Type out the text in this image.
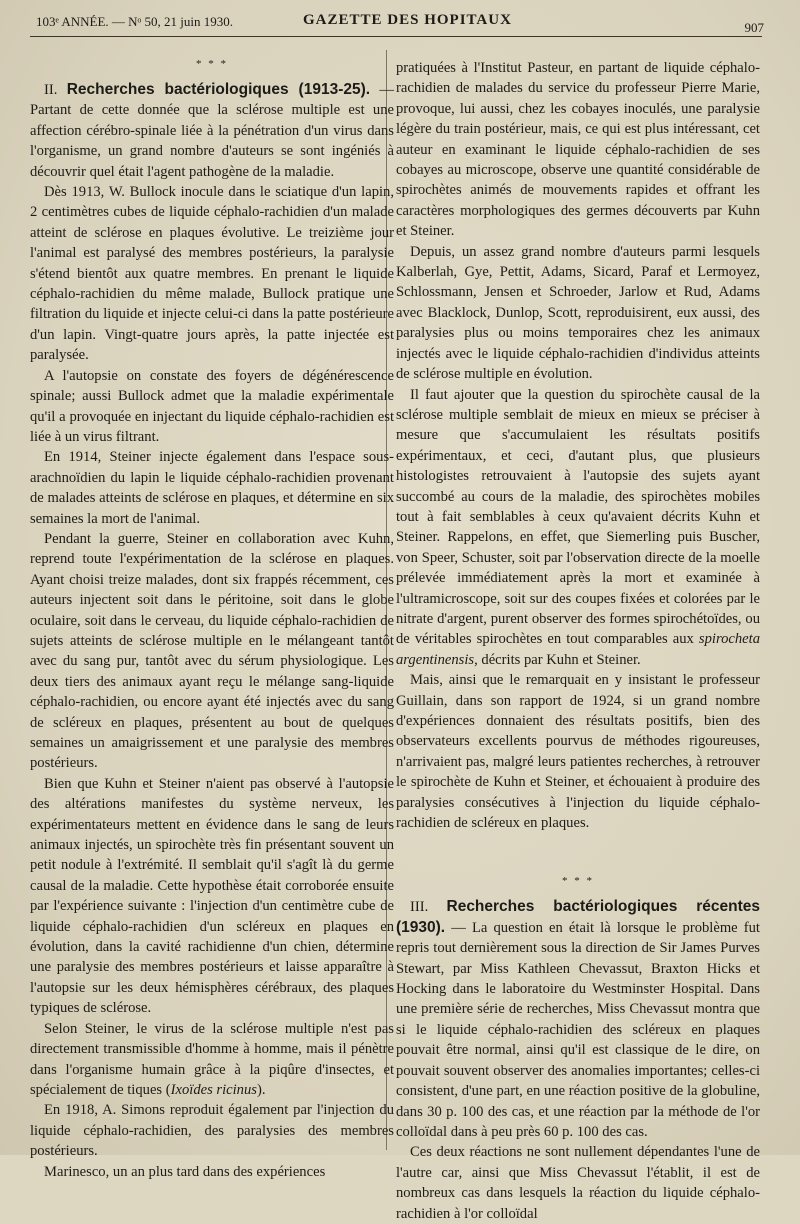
103ᵉ ANNÉE. — Nᵒ 50, 21 juin 1930.	GAZETTE DES HOPITAUX	907
* * *

II. Recherches bactériologiques (1913-25). — Partant de cette donnée que la sclérose multiple est une affection cérébro-spinale liée à la pénétration d'un virus dans l'organisme, un grand nombre d'auteurs se sont ingéniés à découvrir quel était l'agent pathogène de la maladie.

Dès 1913, W. Bullock inocule dans le sciatique d'un lapin, 2 centimètres cubes de liquide céphalo-rachidien d'un malade atteint de sclérose en plaques évolutive. Le treizième jour l'animal est paralysé des membres postérieurs, la paralysie s'étend bientôt aux quatre membres. En prenant le liquide céphalo-rachidien du même malade, Bullock pratique une filtration du liquide et injecte celui-ci dans la patte postérieure d'un lapin. Vingt-quatre jours après, la patte injectée est paralysée.

A l'autopsie on constate des foyers de dégénérescence spinale; aussi Bullock admet que la maladie expérimentale qu'il a provoquée en injectant du liquide céphalo-rachidien est liée à un virus filtrant.

En 1914, Steiner injecte également dans l'espace sous-arachnoïdien du lapin le liquide céphalo-rachidien provenant de malades atteints de sclérose en plaques, et détermine en six semaines la mort de l'animal.

Pendant la guerre, Steiner en collaboration avec Kuhn, reprend toute l'expérimentation de la sclérose en plaques. Ayant choisi treize malades, dont six frappés récemment, ces auteurs injectent soit dans le péritoine, soit dans le globe oculaire, soit dans le cerveau, du liquide céphalo-rachidien de sujets atteints de sclérose multiple en le mélangeant tantôt avec du sang pur, tantôt avec du sérum physiologique. Les deux tiers des animaux ayant reçu le mélange sang-liquide céphalo-rachidien, ou encore ayant été injectés avec du sang de scléreux en plaques, présentent au bout de quelques semaines un amaigrissement et une paralysie des membres postérieurs.

Bien que Kuhn et Steiner n'aient pas observé à l'autopsie des altérations manifestes du système nerveux, les expérimentateurs mettent en évidence dans le sang de leurs animaux injectés, un spirochète très fin présentant souvent un petit nodule à l'extrémité. Il semblait qu'il s'agît là du germe causal de la maladie. Cette hypothèse était corroborée ensuite par l'expérience suivante : l'injection d'un centimètre cube de liquide céphalo-rachidien d'un scléreux en plaques en évolution, dans la cavité rachidienne d'un chien, détermine une paralysie des membres postérieurs et laisse apparaître à l'autopsie sur les deux hémisphères cérébraux, des plaques typiques de sclérose.

Selon Steiner, le virus de la sclérose multiple n'est pas directement transmissible d'homme à homme, mais il pénètre dans l'organisme humain grâce à la piqûre d'insectes, et spécialement de tiques (Ixoïdes ricinus).

En 1918, A. Simons reproduit également par l'injection du liquide céphalo-rachidien, des paralysies des membres postérieurs.

Marinesco, un an plus tard dans des expériences

pratiquées à l'Institut Pasteur, en partant de liquide céphalo-rachidien de malades du service du professeur Pierre Marie, provoque, lui aussi, chez les cobayes inoculés, une paralysie légère du train postérieur, mais, ce qui est plus intéressant, cet auteur en examinant le liquide céphalo-rachidien de ses cobayes au microscope, observe une quantité considérable de spirochètes animés de mouvements rapides et offrant les caractères morphologiques des germes découverts par Kuhn et Steiner.

Depuis, un assez grand nombre d'auteurs parmi lesquels Kalberlah, Gye, Pettit, Adams, Sicard, Paraf et Lermoyez, Schlossmann, Jensen et Schroeder, Jarlow et Rud, Adams avec Blacklock, Dunlop, Scott, reproduisirent, eux aussi, des paralysies plus ou moins temporaires chez les animaux injectés avec le liquide céphalo-rachidien d'individus atteints de sclérose multiple en évolution.

Il faut ajouter que la question du spirochète causal de la sclérose multiple semblait de mieux en mieux se préciser à mesure que s'accumulaient les résultats positifs expérimentaux, et ceci, d'autant plus, que plusieurs histologistes retrouvaient à l'autopsie des sujets ayant succombé au cours de la maladie, des spirochètes mobiles tout à fait semblables à ceux qu'avaient décrits Kuhn et Steiner. Rappelons, en effet, que Siemerling puis Buscher, von Speer, Schuster, soit par l'observation directe de la moelle prélevée immédiatement après la mort et examinée à l'ultramicroscope, soit sur des coupes fixées et colorées par le nitrate d'argent, purent observer des formes spirochétoïdes, ou de véritables spirochètes en tout comparables aux spirocheta argentinensis, décrits par Kuhn et Steiner.

Mais, ainsi que le remarquait en y insistant le professeur Guillain, dans son rapport de 1924, si un grand nombre d'expériences donnaient des résultats positifs, bien des observateurs excellents pourvus de méthodes rigoureuses, n'arrivaient pas, malgré leurs patientes recherches, à retrouver le spirochète de Kuhn et Steiner, et échouaient à produire des paralysies consécutives à l'injection du liquide céphalo-rachidien de scléreux en plaques.

* * *

III. Recherches bactériologiques récentes (1930). — La question en était là lorsque le problème fut repris tout dernièrement sous la direction de Sir James Purves Stewart, par Miss Kathleen Chevassut, Braxton Hicks et Hocking dans le laboratoire du Westminster Hospital. Dans une première série de recherches, Miss Chevassut montra que si le liquide céphalo-rachidien des scléreux en plaques pouvait être normal, ainsi qu'il est classique de le dire, on pouvait souvent observer des anomalies importantes; celles-ci consistent, d'une part, en une réaction positive de la globuline, dans 30 p. 100 des cas, et une réaction par la méthode de l'or colloïdal dans à peu près 60 p. 100 des cas.

Ces deux réactions ne sont nullement dépendantes l'une de l'autre car, ainsi que Miss Chevassut l'établit, il est de nombreux cas dans lesquels la réaction du liquide céphalo-rachidien à l'or colloïdal
